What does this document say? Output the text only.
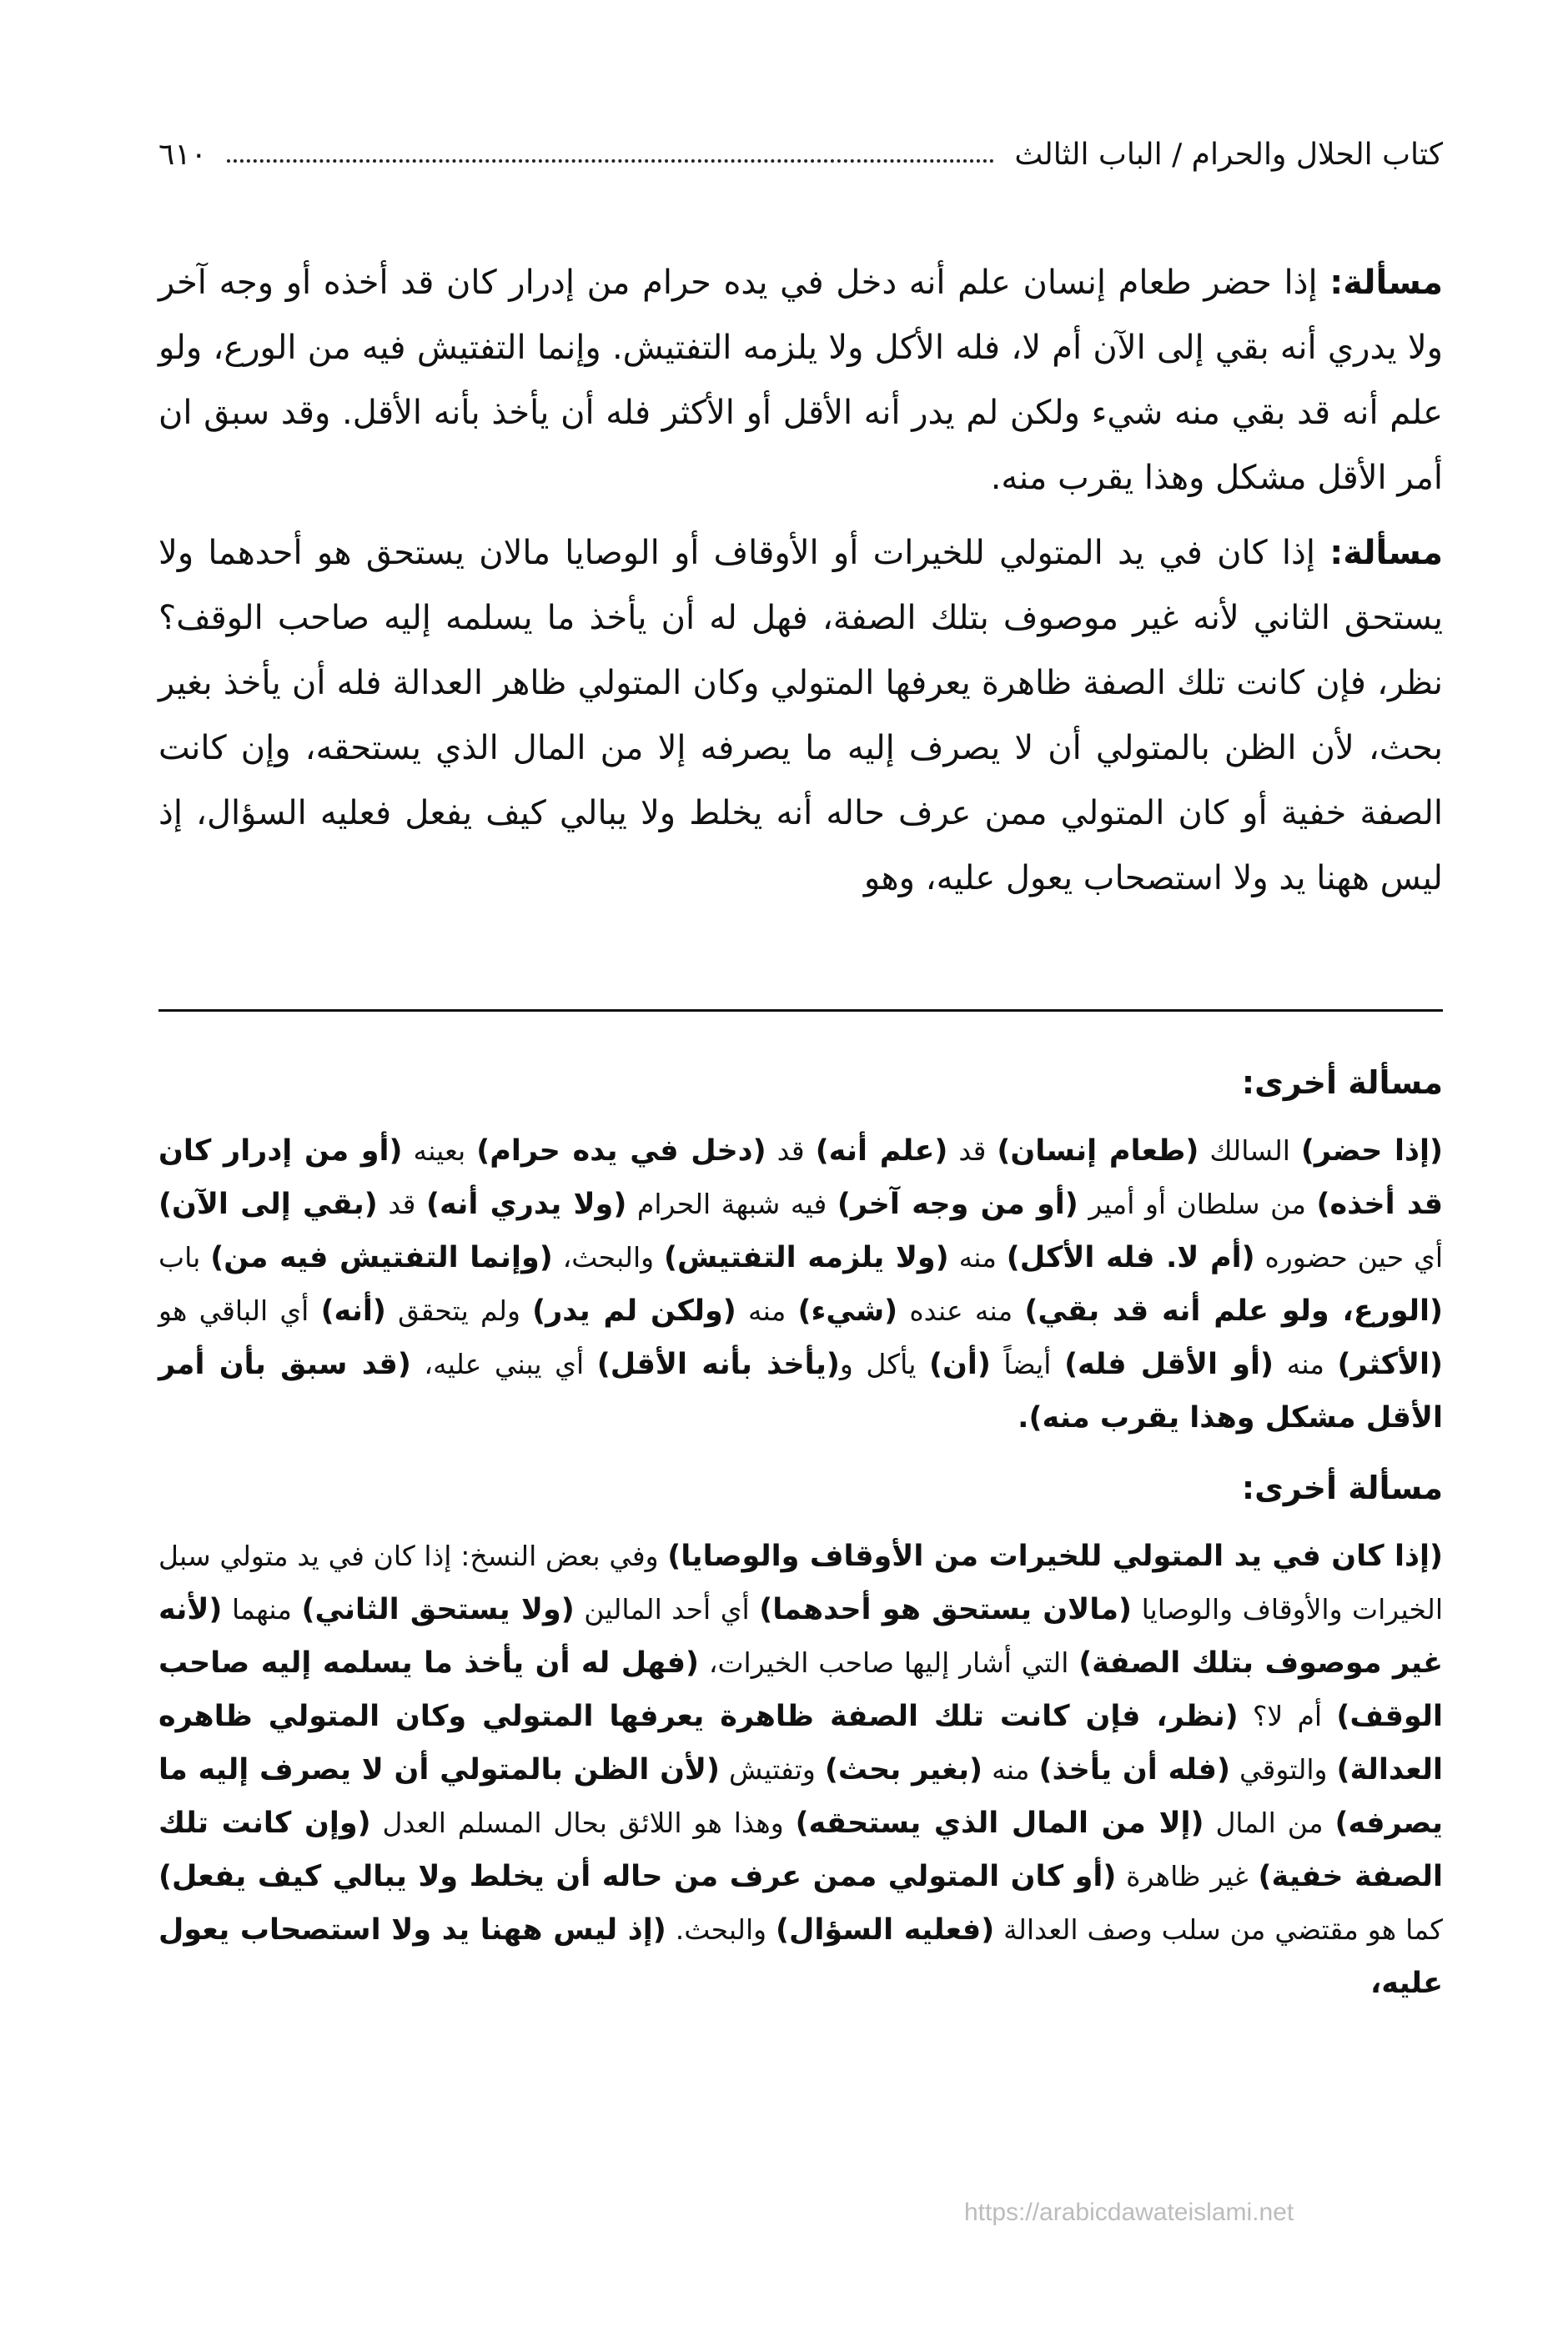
كتاب الحلال والحرام / الباب الثالث
٦١٠

مسألة: إذا حضر طعام إنسان علم أنه دخل في يده حرام من إدرار كان قد أخذه أو وجه آخر ولا يدري أنه بقي إلى الآن أم لا، فله الأكل ولا يلزمه التفتيش. وإنما التفتيش فيه من الورع، ولو علم أنه قد بقي منه شيء ولكن لم يدر أنه الأقل أو الأكثر فله أن يأخذ بأنه الأقل. وقد سبق ان أمر الأقل مشكل وهذا يقرب منه.

مسألة: إذا كان في يد المتولي للخيرات أو الأوقاف أو الوصايا مالان يستحق هو أحدهما ولا يستحق الثاني لأنه غير موصوف بتلك الصفة، فهل له أن يأخذ ما يسلمه إليه صاحب الوقف؟ نظر، فإن كانت تلك الصفة ظاهرة يعرفها المتولي وكان المتولي ظاهر العدالة فله أن يأخذ بغير بحث، لأن الظن بالمتولي أن لا يصرف إليه ما يصرفه إلا من المال الذي يستحقه، وإن كانت الصفة خفية أو كان المتولي ممن عرف حاله أنه يخلط ولا يبالي كيف يفعل فعليه السؤال، إذ ليس ههنا يد ولا استصحاب يعول عليه، وهو

مسألة أخرى:

(إذا حضر) السالك (طعام إنسان) قد (علم أنه) قد (دخل في يده حرام) بعينه (أو من إدرار كان قد أخذه) من سلطان أو أمير (أو من وجه آخر) فيه شبهة الحرام (ولا يدري أنه) قد (بقي إلى الآن) أي حين حضوره (أم لا. فله الأكل) منه (ولا يلزمه التفتيش) والبحث، (وإنما التفتيش فيه من) باب (الورع، ولو علم أنه قد بقي) منه عنده (شيء) منه (ولكن لم يدر) ولم يتحقق (أنه) أي الباقي هو (الأكثر) منه (أو الأقل فله) أيضاً (أن) يأكل و(يأخذ بأنه الأقل) أي يبني عليه، (قد سبق بأن أمر الأقل مشكل وهذا يقرب منه).

مسألة أخرى:

(إذا كان في يد المتولي للخيرات من الأوقاف والوصايا) وفي بعض النسخ: إذا كان في يد متولي سبل الخيرات والأوقاف والوصايا (مالان يستحق هو أحدهما) أي أحد المالين (ولا يستحق الثاني) منهما (لأنه غير موصوف بتلك الصفة) التي أشار إليها صاحب الخيرات، (فهل له أن يأخذ ما يسلمه إليه صاحب الوقف) أم لا؟ (نظر، فإن كانت تلك الصفة ظاهرة يعرفها المتولي وكان المتولي ظاهره العدالة) والتوقي (فله أن يأخذ) منه (بغير بحث) وتفتيش (لأن الظن بالمتولي أن لا يصرف إليه ما يصرفه) من المال (إلا من المال الذي يستحقه) وهذا هو اللائق بحال المسلم العدل (وإن كانت تلك الصفة خفية) غير ظاهرة (أو كان المتولي ممن عرف من حاله أن يخلط ولا يبالي كيف يفعل) كما هو مقتضي من سلب وصف العدالة (فعليه السؤال) والبحث. (إذ ليس ههنا يد ولا استصحاب يعول عليه،

https://arabicdawateislami.net
